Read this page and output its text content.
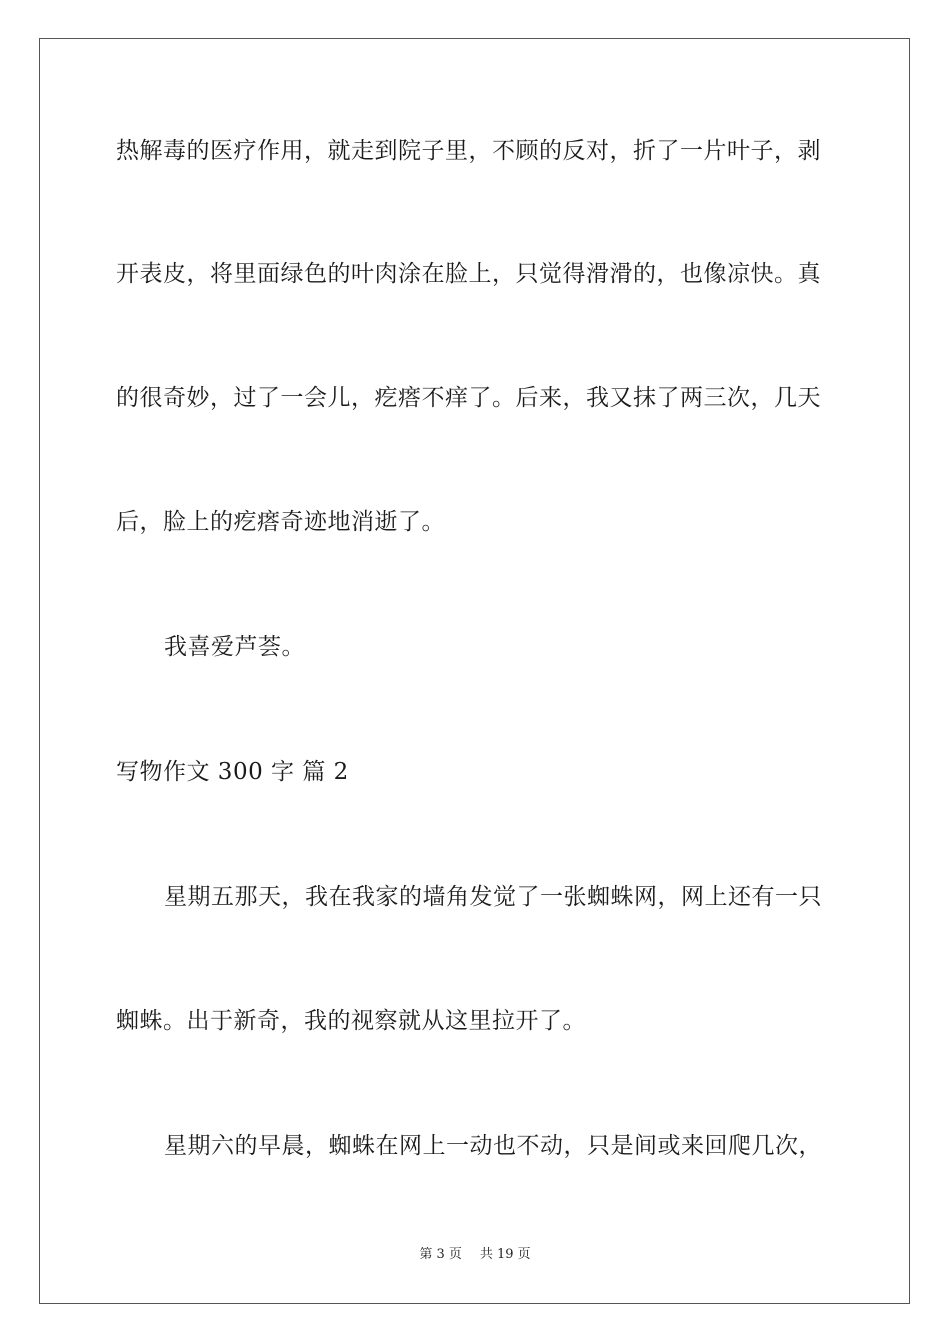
热解毒的医疗作用，就走到院子里，不顾的反对，折了一片叶子，剥
开表皮，将里面绿色的叶肉涂在脸上，只觉得滑滑的，也像凉快。真
的很奇妙，过了一会儿，疙瘩不痒了。后来，我又抹了两三次，几天
后，脸上的疙瘩奇迹地消逝了。
我喜爱芦荟。
写物作文 300 字 篇 2
星期五那天，我在我家的墙角发觉了一张蜘蛛网，网上还有一只
蜘蛛。出于新奇，我的视察就从这里拉开了。
星期六的早晨，蜘蛛在网上一动也不动，只是间或来回爬几次，
第 3 页 共 19 页
